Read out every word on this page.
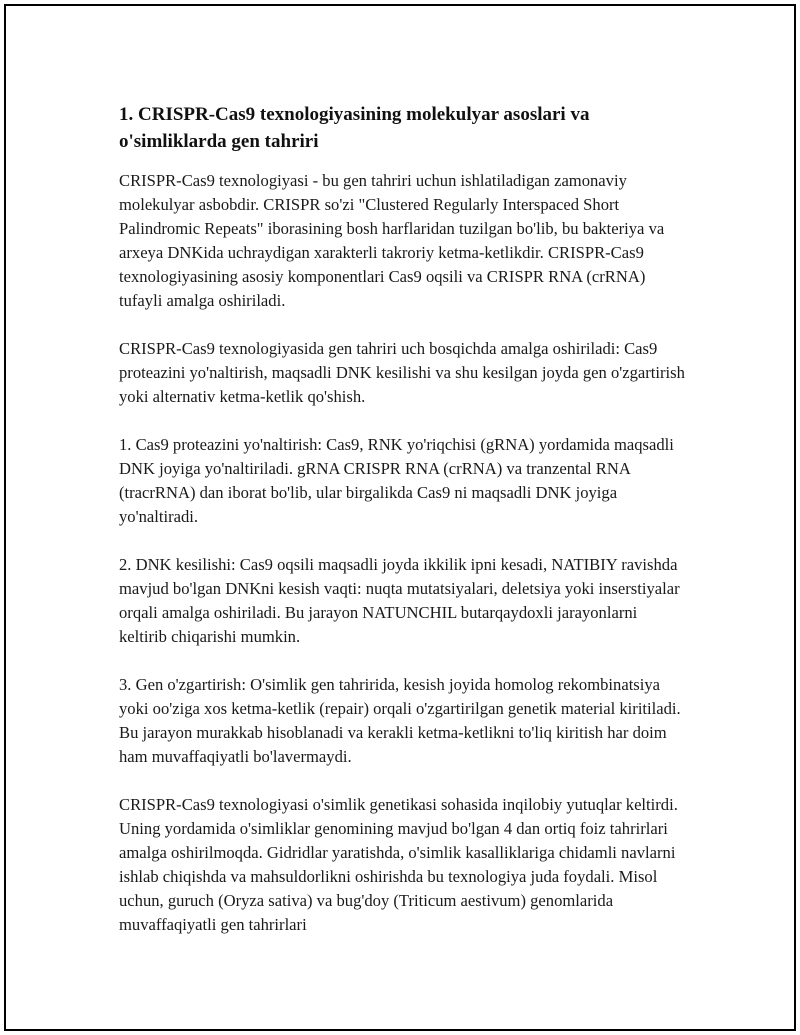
1. CRISPR-Cas9 texnologiyasining molekulyar asoslari va o'simliklarda gen tahriri

CRISPR-Cas9 texnologiyasi - bu gen tahriri uchun ishlatiladigan zamonaviy molekulyar asbobdir. CRISPR so'zi "Clustered Regularly Interspaced Short Palindromic Repeats" iborasining bosh harflaridan tuzilgan bo'lib, bu bakteriya va arxeya DNKida uchraydigan xarakterli takroriy ketma-ketlikdir. CRISPR-Cas9 texnologiyasining asosiy komponentlari Cas9 oqsili va CRISPR RNA (crRNA) tufayli amalga oshiriladi.

CRISPR-Cas9 texnologiyasida gen tahriri uch bosqichda amalga oshiriladi: Cas9 proteazini yo'naltirish, maqsadli DNK kesilishi va shu kesilgan joyda gen o'zgartirish yoki alternativ ketma-ketlik qo'shish.

1. Cas9 proteazini yo'naltirish: Cas9, RNK yo'riqchisi (gRNA) yordamida maqsadli DNK joyiga yo'naltiriladi. gRNA CRISPR RNA (crRNA) va tranzental RNA (tracrRNA) dan iborat bo'lib, ular birgalikda Cas9 ni maqsadli DNK joyiga yo'naltiradi.

2. DNK kesilishi: Cas9 oqsili maqsadli joyda ikkilik ipni kesadi, NATIBIY ravishda mavjud bo'lgan DNKni kesish vaqti: nuqta mutatsiyalari, deletsiya yoki inserstiyalar orqali amalga oshiriladi. Bu jarayon NATUNCHIL butarqaydoxli jarayonlarni keltirib chiqarishi mumkin.

3. Gen o'zgartirish: O'simlik gen tahririda, kesish joyida homolog rekombinatsiya yoki oo'ziga xos ketma-ketlik (repair) orqali o'zgartirilgan genetik material kiritiladi. Bu jarayon murakkab hisoblanadi va kerakli ketma-ketlikni to'liq kiritish har doim ham muvaffaqiyatli bo'lavermaydi.

CRISPR-Cas9 texnologiyasi o'simlik genetikasi sohasida inqilobiy yutuqlar keltirdi. Uning yordamida o'simliklar genomining mavjud bo'lgan 4 dan ortiq foiz tahrirlari amalga oshirilmoqda. Gidridlar yaratishda, o'simlik kasalliklariga chidamli navlarni ishlab chiqishda va mahsuldorlikni oshirishda bu texnologiya juda foydali. Misol uchun, guruch (Oryza sativa) va bug'doy (Triticum aestivum) genomlarida muvaffaqiyatli gen tahrirlari
